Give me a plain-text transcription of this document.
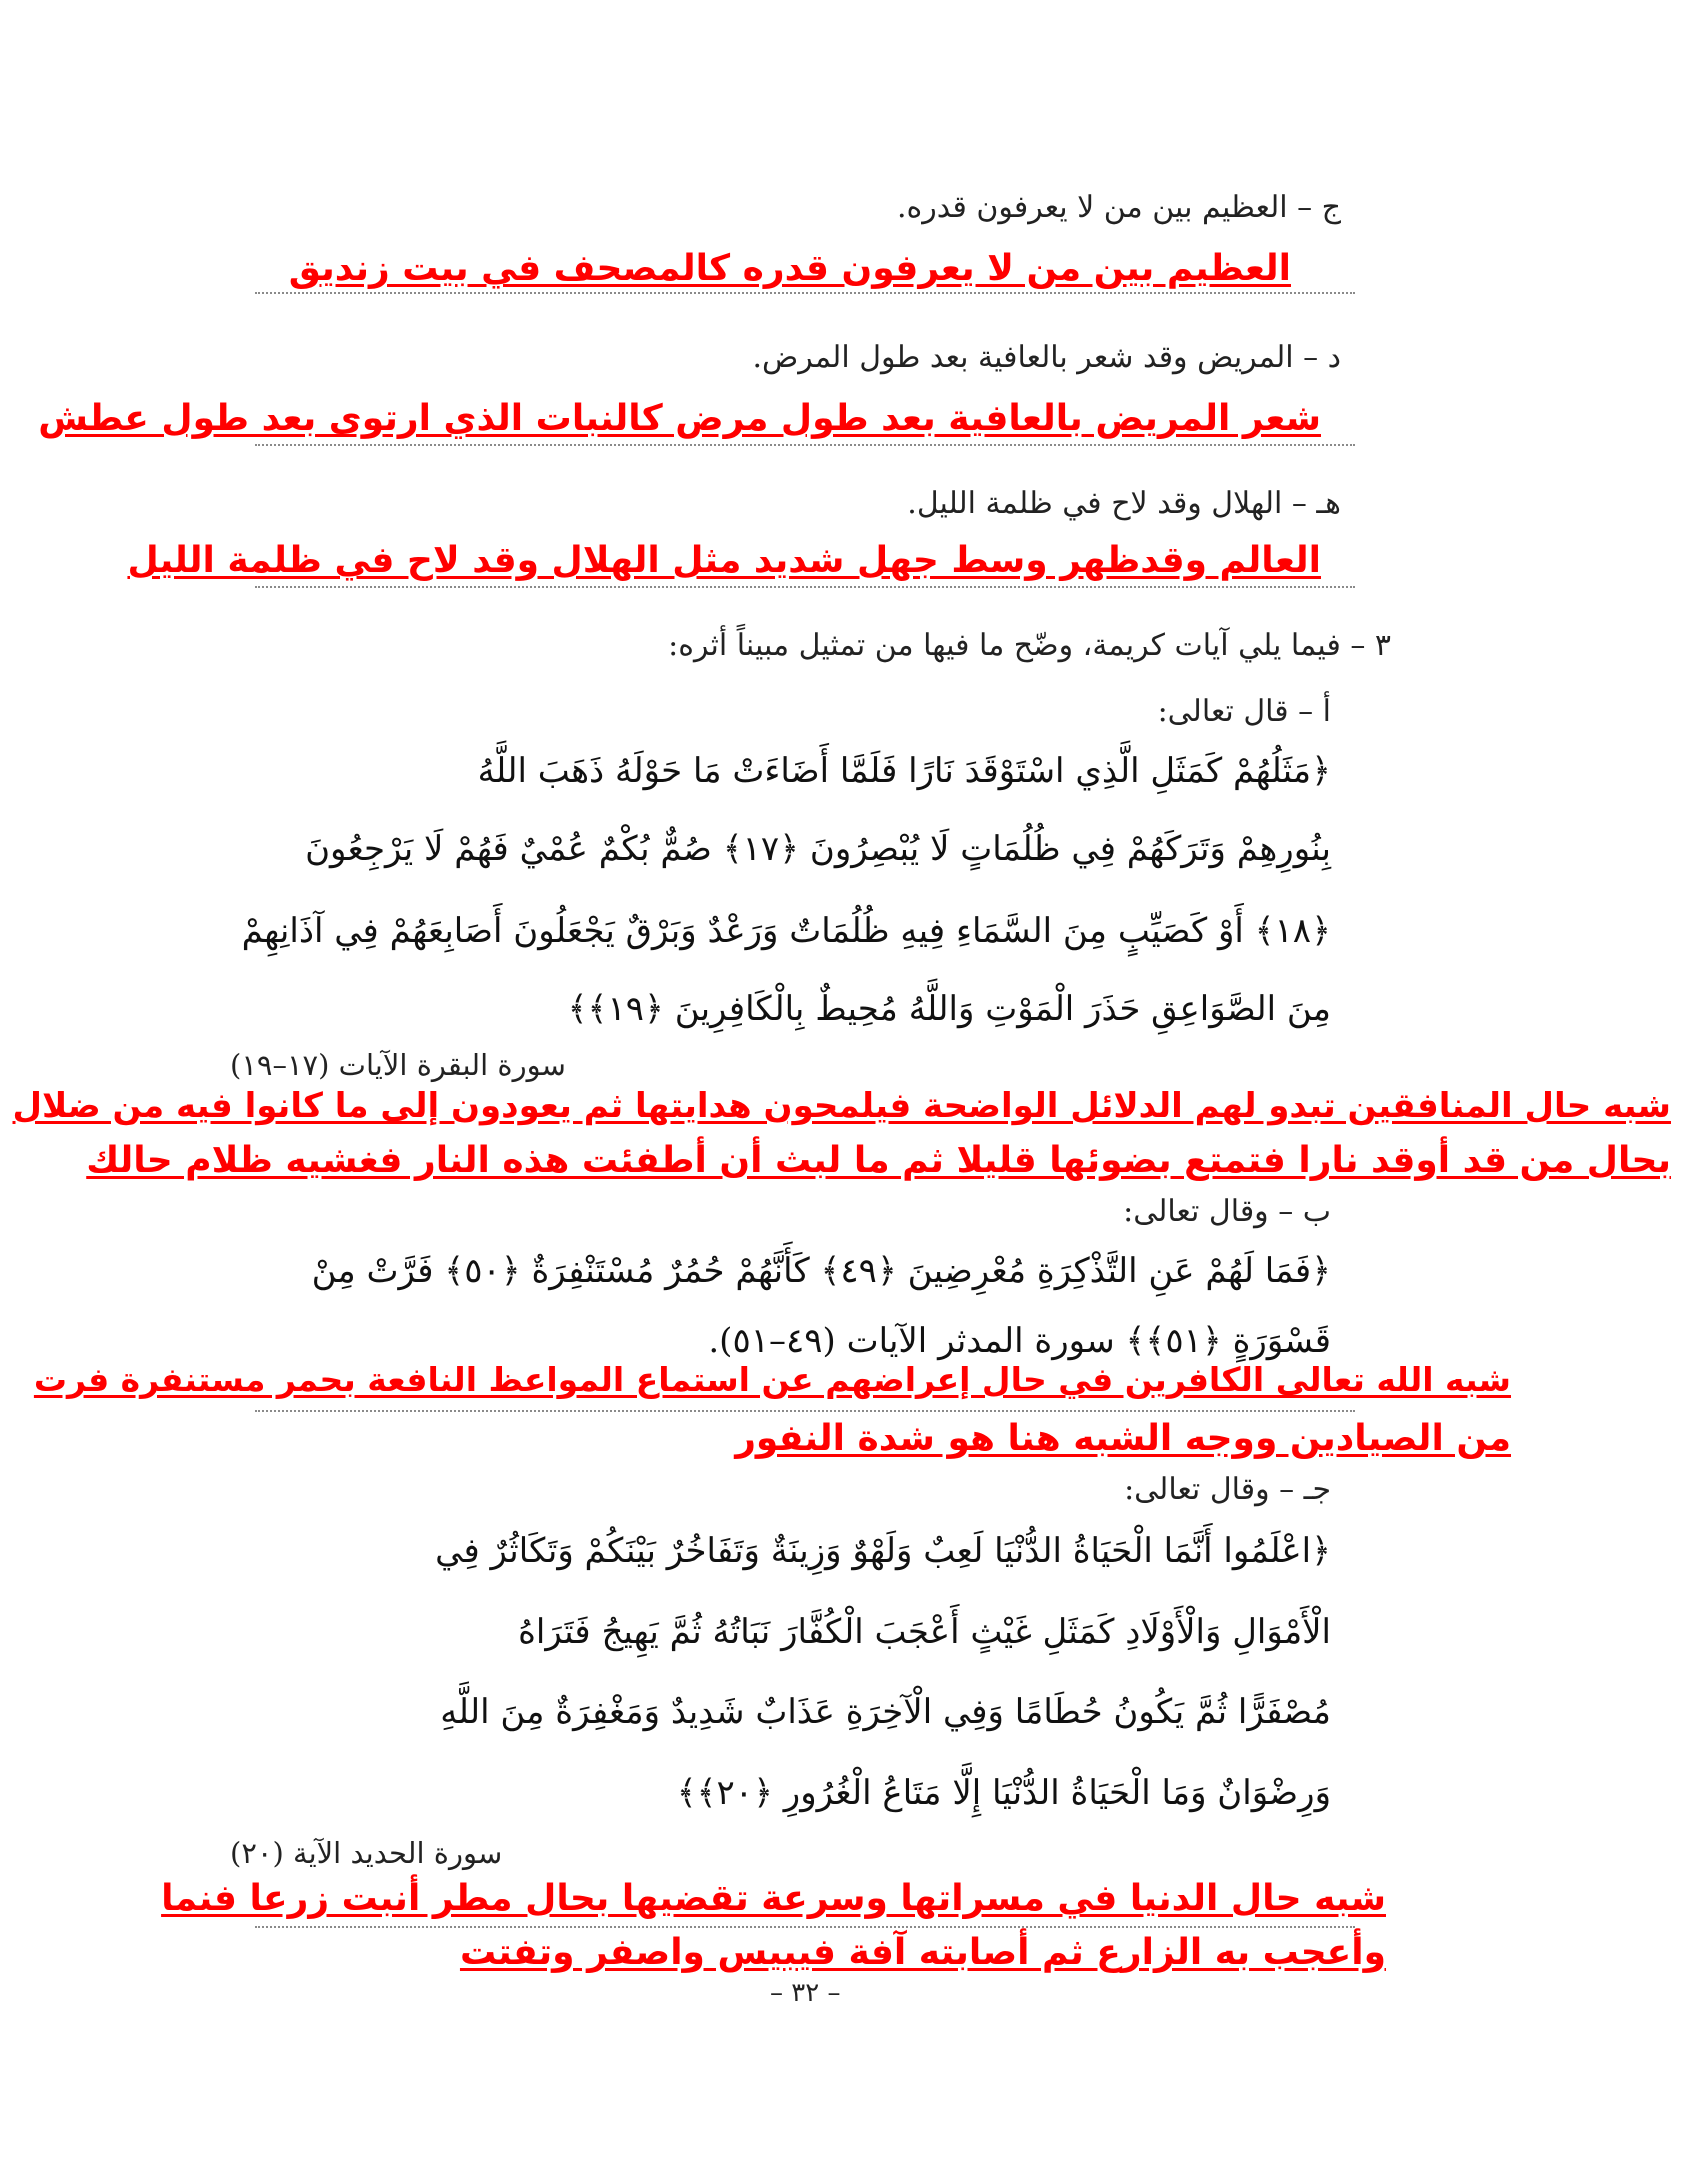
ج – العظيم بين من لا يعرفون قدره.
العظيم بين من لا يعرفون قدره كالمصحف في بيت زنديق
د – المريض وقد شعر بالعافية بعد طول المرض.
شعر المريض بالعافية بعد طول مرض كالنبات الذي ارتوى بعد طول عطش
هـ – الهلال وقد لاح في ظلمة الليل.
العالم وقدظهر وسط جهل شديد مثل الهلال وقد لاح في ظلمة الليل
٣ – فيما يلي آيات كريمة، وضّح ما فيها من تمثيل مبيناً أثره:
أ – قال تعالى:
﴿مَثَلُهُمْ كَمَثَلِ الَّذِي اسْتَوْقَدَ نَارًا فَلَمَّا أَضَاءَتْ مَا حَوْلَهُ ذَهَبَ اللَّهُ
بِنُورِهِمْ وَتَرَكَهُمْ فِي ظُلُمَاتٍ لَا يُبْصِرُونَ ﴿١٧﴾ صُمٌّ بُكْمٌ عُمْيٌ فَهُمْ لَا يَرْجِعُونَ
﴿١٨﴾ أَوْ كَصَيِّبٍ مِنَ السَّمَاءِ فِيهِ ظُلُمَاتٌ وَرَعْدٌ وَبَرْقٌ يَجْعَلُونَ أَصَابِعَهُمْ فِي آذَانِهِمْ
مِنَ الصَّوَاعِقِ حَذَرَ الْمَوْتِ وَاللَّهُ مُحِيطٌ بِالْكَافِرِينَ ﴿١٩﴾﴾
سورة البقرة الآيات (١٧–١٩)
شبه حال المنافقين تبدو لهم الدلائل الواضحة فيلمحون هدايتها ثم يعودون إلى ما كانوا فيه من ضلال
بحال من قد أوقد نارا فتمتع بضوئها قليلا ثم ما لبث أن أطفئت هذه النار فغشيه ظلام حالك
ب – وقال تعالى:
﴿فَمَا لَهُمْ عَنِ التَّذْكِرَةِ مُعْرِضِينَ ﴿٤٩﴾ كَأَنَّهُمْ حُمُرٌ مُسْتَنْفِرَةٌ ﴿٥٠﴾ فَرَّتْ مِنْ
قَسْوَرَةٍ ﴿٥١﴾﴾ سورة المدثر الآيات (٤٩–٥١).
شبه الله تعالى الكافرين في حال إعراضهم عن استماع المواعظ النافعة بحمر مستنفرة فرت
من الصيادين ووجه الشبه هنا هو شدة النفور
جـ – وقال تعالى:
﴿اعْلَمُوا أَنَّمَا الْحَيَاةُ الدُّنْيَا لَعِبٌ وَلَهْوٌ وَزِينَةٌ وَتَفَاخُرٌ بَيْنَكُمْ وَتَكَاثُرٌ فِي
الْأَمْوَالِ وَالْأَوْلَادِ كَمَثَلِ غَيْثٍ أَعْجَبَ الْكُفَّارَ نَبَاتُهُ ثُمَّ يَهِيجُ فَتَرَاهُ
مُصْفَرًّا ثُمَّ يَكُونُ حُطَامًا وَفِي الْآخِرَةِ عَذَابٌ شَدِيدٌ وَمَغْفِرَةٌ مِنَ اللَّهِ
وَرِضْوَانٌ وَمَا الْحَيَاةُ الدُّنْيَا إِلَّا مَتَاعُ الْغُرُورِ ﴿٢٠﴾﴾
سورة الحديد الآية (٢٠)
شبه حال الدنيا في مسراتها وسرعة تقضيها بحال مطر أنبت زرعا فنما
وأعجب به الزارع ثم أصابته آفة فيبيس واصفر وتفتت
– ٣٢ –
